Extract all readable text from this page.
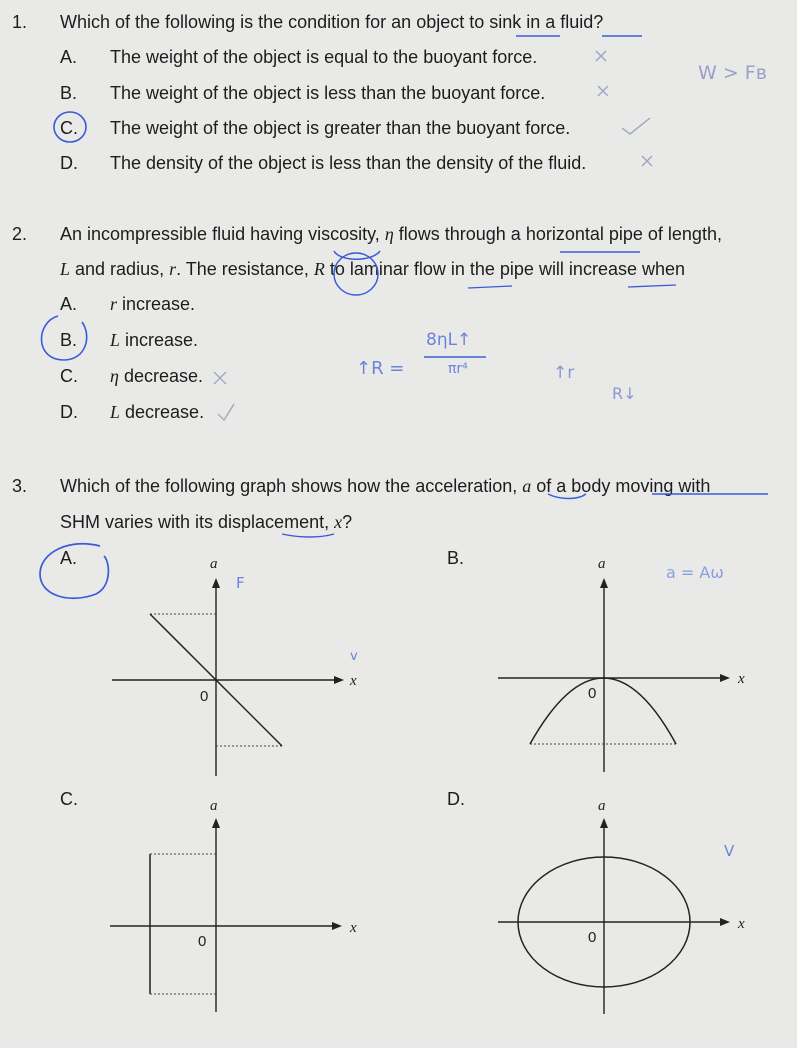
1. Which of the following is the condition for an object to sink in a fluid?
A. The weight of the object is equal to the buoyant force.
B. The weight of the object is less than the buoyant force.
C. The weight of the object is greater than the buoyant force.
D. The density of the object is less than the density of the fluid.
W > Fʙ
2. An incompressible fluid having viscosity, η flows through a horizontal pipe of length,
L and radius, r. The resistance, R to laminar flow in the pipe will increase when
A. r increase.
B. L increase.
C. η decrease.
D. L decrease.
↑R =
8ηL↑
πr⁴	↑r
R↓
3. Which of the following graph shows how the acceleration, a of a body moving with
SHM varies with its displacement, x?
A.	B.
C.	D.
a
x
0
F
v
a
x
0
a = Aω
a
x
0
a
x
0
V
